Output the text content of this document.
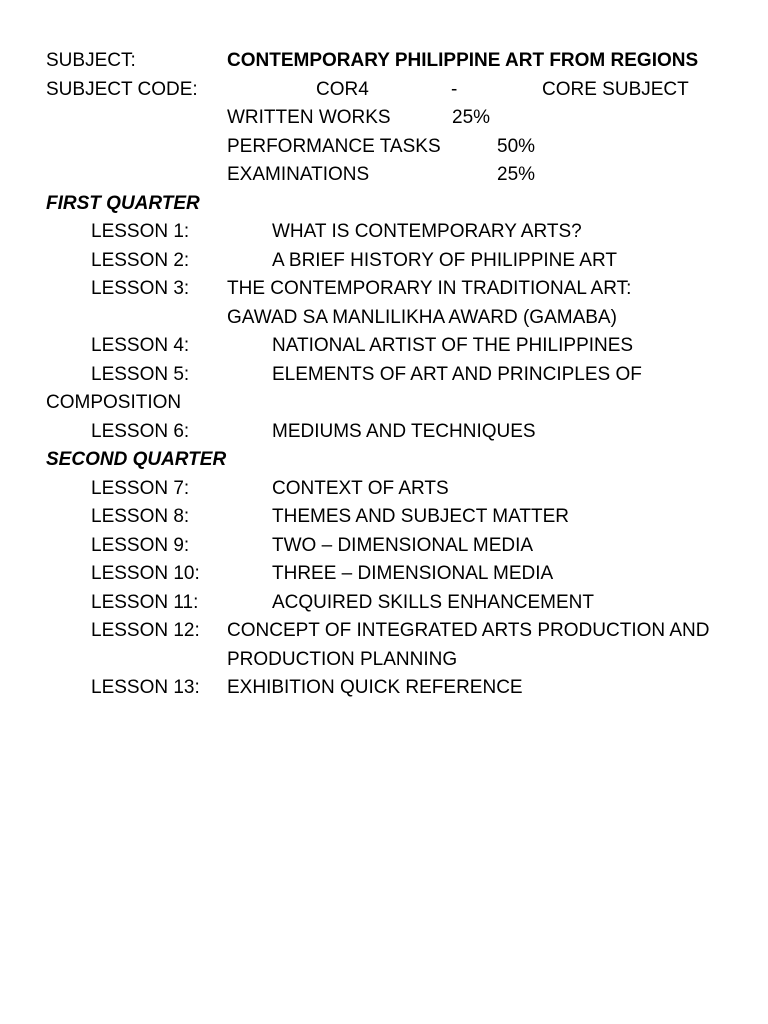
SUBJECT:	CONTEMPORARY PHILIPPINE ART FROM REGIONS
SUBJECT CODE:	COR4	-	CORE SUBJECT
WRITTEN WORKS	25%
PERFORMANCE TASKS	50%
EXAMINATIONS	25%
FIRST QUARTER
LESSON 1:	WHAT IS CONTEMPORARY ARTS?
LESSON 2:	A BRIEF HISTORY OF PHILIPPINE ART
LESSON 3: THE CONTEMPORARY IN TRADITIONAL ART:
GAWAD SA MANLILIKHA AWARD (GAMABA)
LESSON 4:	NATIONAL ARTIST OF THE PHILIPPINES
LESSON 5:	ELEMENTS OF ART AND PRINCIPLES OF
COMPOSITION
LESSON 6:	MEDIUMS AND TECHNIQUES
SECOND QUARTER
LESSON 7:	CONTEXT OF ARTS
LESSON 8:	THEMES AND SUBJECT MATTER
LESSON 9:	TWO – DIMENSIONAL MEDIA
LESSON 10:	THREE – DIMENSIONAL MEDIA
LESSON 11:	ACQUIRED SKILLS ENHANCEMENT
LESSON 12: CONCEPT OF INTEGRATED ARTS PRODUCTION AND
PRODUCTION PLANNING
LESSON 13: EXHIBITION QUICK REFERENCE
